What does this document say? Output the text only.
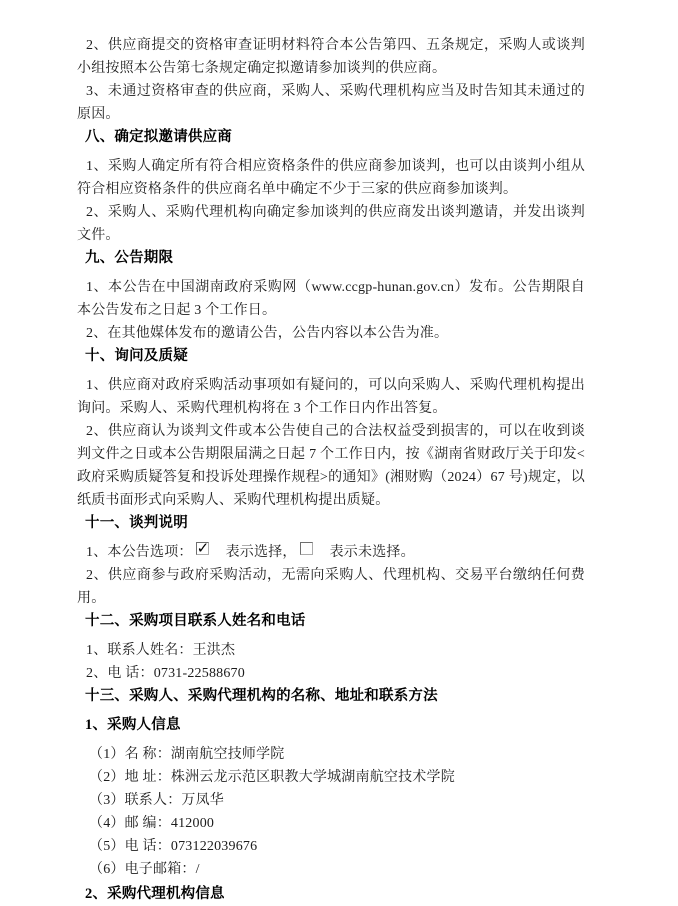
2、供应商提交的资格审查证明材料符合本公告第四、五条规定，采购人或谈判小组按照本公告第七条规定确定拟邀请参加谈判的供应商。

3、未通过资格审查的供应商，采购人、采购代理机构应当及时告知其未通过的原因。

八、确定拟邀请供应商

1、采购人确定所有符合相应资格条件的供应商参加谈判，也可以由谈判小组从符合相应资格条件的供应商名单中确定不少于三家的供应商参加谈判。

2、采购人、采购代理机构向确定参加谈判的供应商发出谈判邀请，并发出谈判文件。

九、公告期限

1、本公告在中国湖南政府采购网（www.ccgp-hunan.gov.cn）发布。公告期限自本公告发布之日起 3 个工作日。

2、在其他媒体发布的邀请公告，公告内容以本公告为准。

十、询问及质疑

1、供应商对政府采购活动事项如有疑问的，可以向采购人、采购代理机构提出询问。采购人、采购代理机构将在 3 个工作日内作出答复。

2、供应商认为谈判文件或本公告使自己的合法权益受到损害的，可以在收到谈判文件之日或本公告期限届满之日起 7 个工作日内，按《湖南省财政厅关于印发<政府采购质疑答复和投诉处理操作规程>的通知》(湘财购（2024）67 号)规定，以纸质书面形式向采购人、采购代理机构提出质疑。

十一、谈判说明

1、本公告选项： ✓ 表示选择， 表示未选择。

2、供应商参与政府采购活动，无需向采购人、代理机构、交易平台缴纳任何费用。

十二、采购项目联系人姓名和电话

1、联系人姓名：王洪杰

2、电 话：0731-22588670

十三、采购人、采购代理机构的名称、地址和联系方法

1、采购人信息

（1）名 称：湖南航空技师学院

（2）地 址：株洲云龙示范区职教大学城湖南航空技术学院

（3）联系人：万凤华

（4）邮 编：412000

（5）电 话：073122039676

（6）电子邮箱：/

2、采购代理机构信息
